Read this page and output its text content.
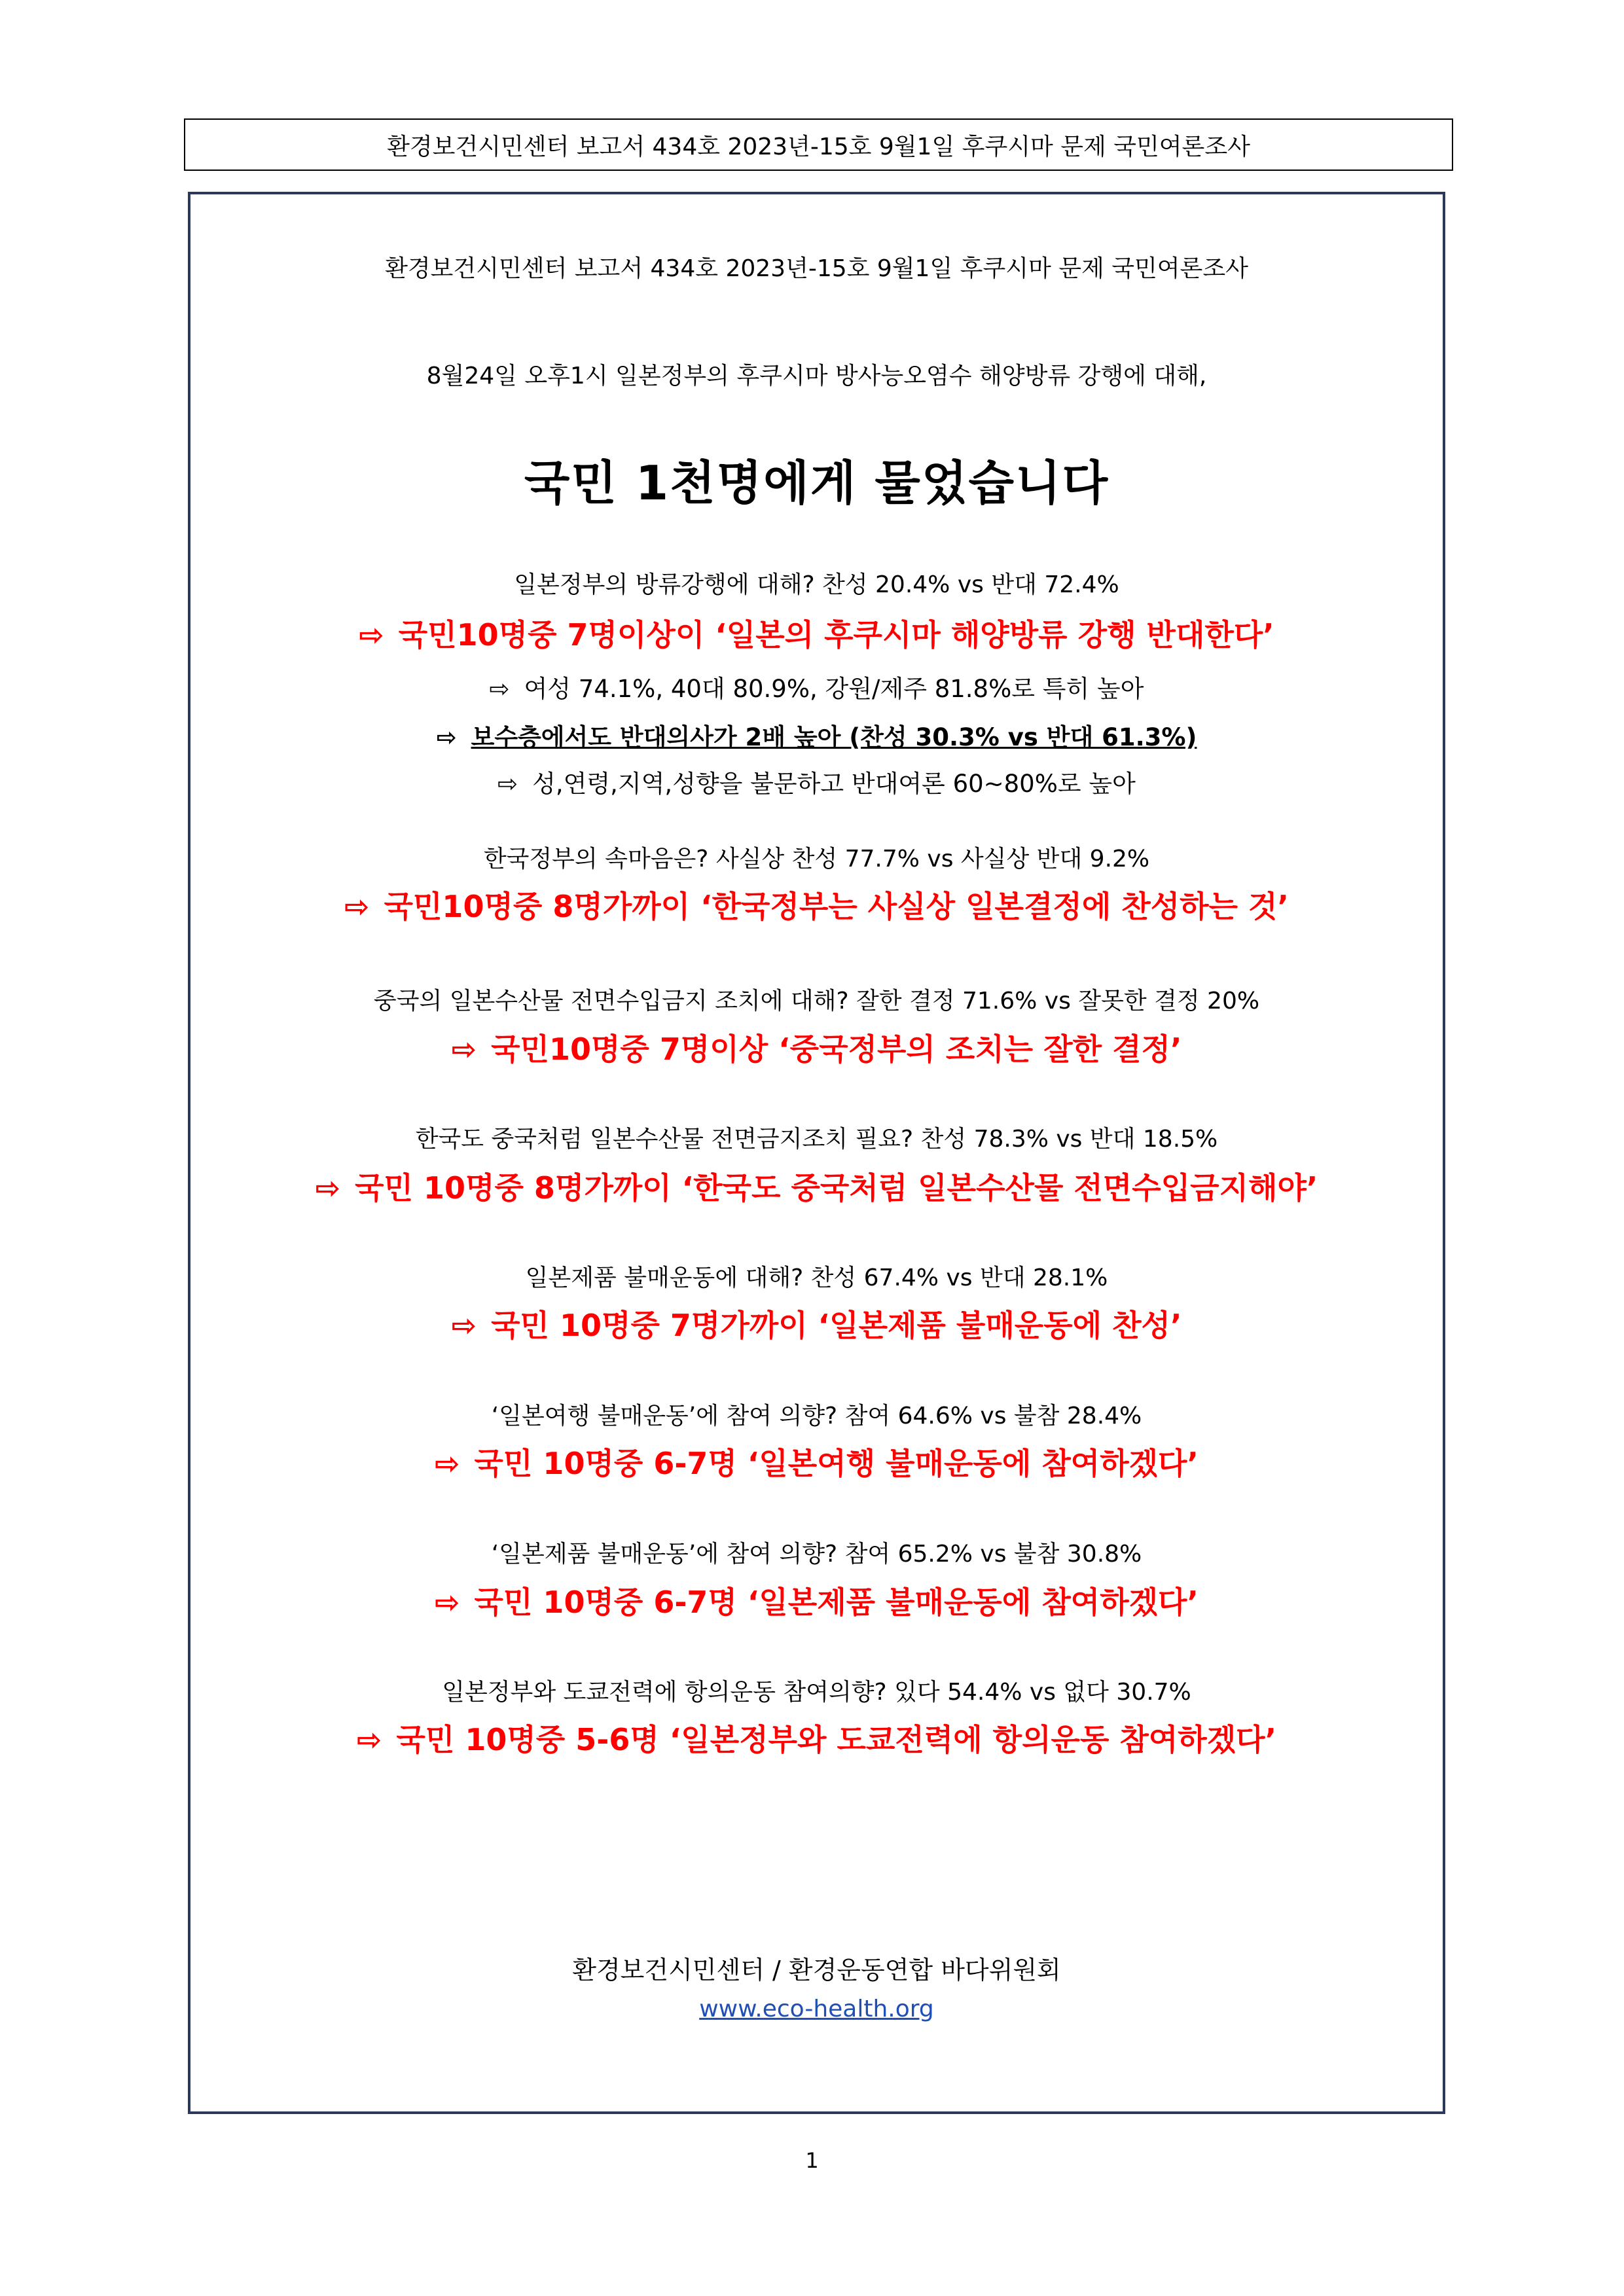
환경보건시민센터 보고서 434호 2023년-15호 9월1일 후쿠시마 문제 국민여론조사
환경보건시민센터 보고서 434호 2023년-15호 9월1일 후쿠시마 문제 국민여론조사
8월24일 오후1시 일본정부의 후쿠시마 방사능오염수 해양방류 강행에 대해,
국민 1천명에게 물었습니다
일본정부의 방류강행에 대해? 찬성 20.4% vs 반대 72.4%
⇨ 국민10명중 7명이상이 ‘일본의 후쿠시마 해양방류 강행 반대한다’
⇨ 여성 74.1%, 40대 80.9%, 강원/제주 81.8%로 특히 높아
⇨ 보수층에서도 반대의사가 2배 높아 (찬성 30.3% vs 반대 61.3%)
⇨ 성,연령,지역,성향을 불문하고 반대여론 60~80%로 높아
한국정부의 속마음은? 사실상 찬성 77.7% vs 사실상 반대 9.2%
⇨ 국민10명중 8명가까이 ‘한국정부는 사실상 일본결정에 찬성하는 것’
중국의 일본수산물 전면수입금지 조치에 대해? 잘한 결정 71.6% vs 잘못한 결정 20%
⇨ 국민10명중 7명이상 ‘중국정부의 조치는 잘한 결정’
한국도 중국처럼 일본수산물 전면금지조치 필요? 찬성 78.3% vs 반대 18.5%
⇨ 국민 10명중 8명가까이 ‘한국도 중국처럼 일본수산물 전면수입금지해야’
일본제품 불매운동에 대해? 찬성 67.4% vs 반대 28.1%
⇨ 국민 10명중 7명가까이 ‘일본제품 불매운동에 찬성’
‘일본여행 불매운동’에 참여 의향? 참여 64.6% vs 불참 28.4%
⇨ 국민 10명중 6-7명 ‘일본여행 불매운동에 참여하겠다’
‘일본제품 불매운동’에 참여 의향? 참여 65.2% vs 불참 30.8%
⇨ 국민 10명중 6-7명 ‘일본제품 불매운동에 참여하겠다’
일본정부와 도쿄전력에 항의운동 참여의향? 있다 54.4% vs 없다 30.7%
⇨ 국민 10명중 5-6명 ‘일본정부와 도쿄전력에 항의운동 참여하겠다’
환경보건시민센터 / 환경운동연합 바다위원회
www.eco-health.org
1
